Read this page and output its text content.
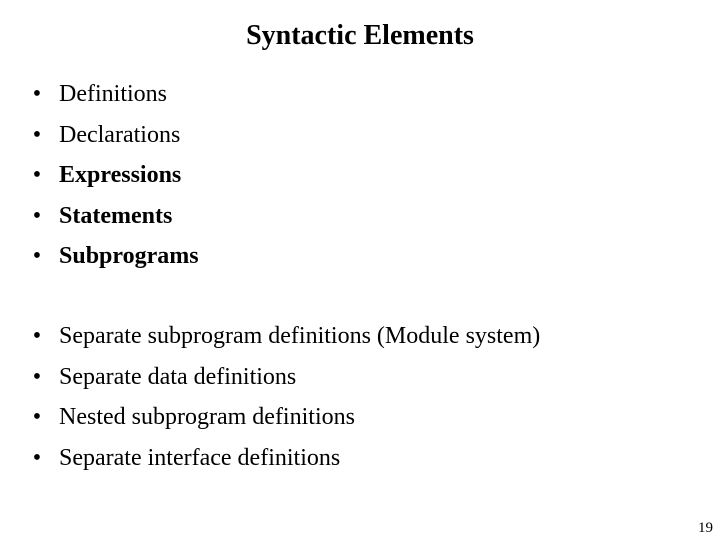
Syntactic Elements
• Definitions
• Declarations
• Expressions
• Statements
• Subprograms
• Separate subprogram definitions (Module system)
• Separate data definitions
• Nested subprogram definitions
• Separate interface definitions
19
